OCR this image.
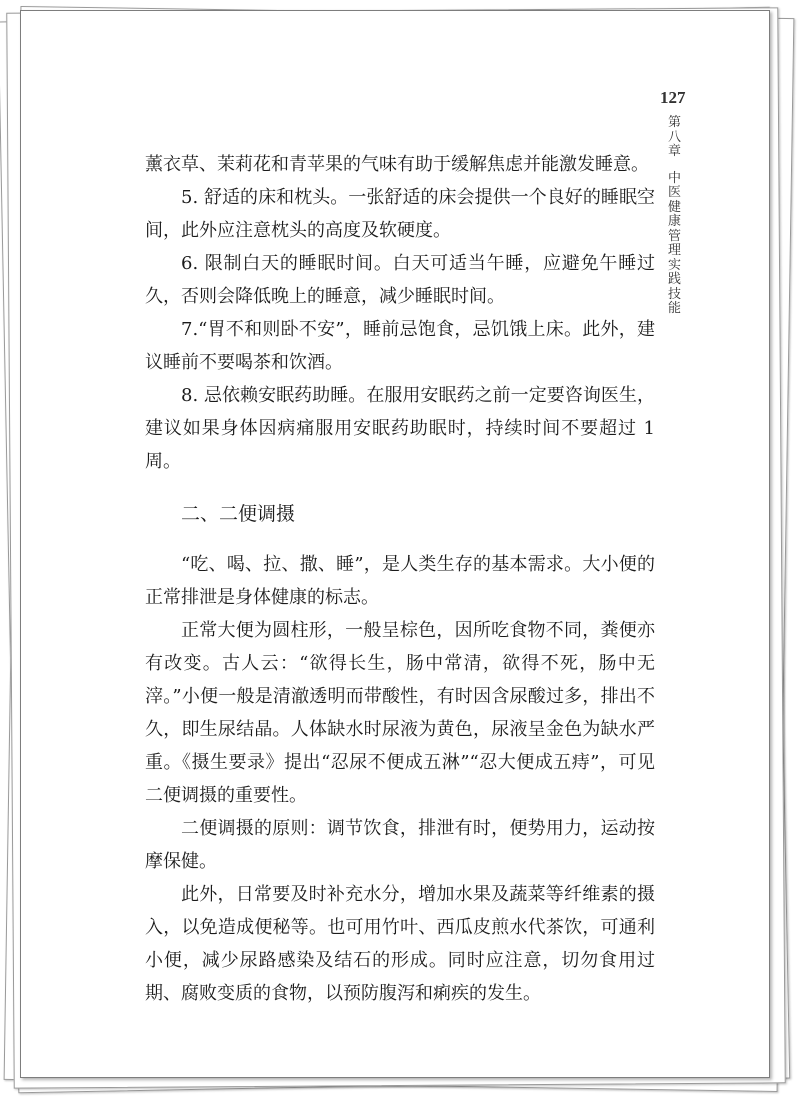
127
第八章
中医健康管理实践技能

薰衣草、茉莉花和青苹果的气味有助于缓解焦虑并能激发睡意。

5. 舒适的床和枕头。一张舒适的床会提供一个良好的睡眠空间，此外应注意枕头的高度及软硬度。

6. 限制白天的睡眠时间。白天可适当午睡，应避免午睡过久，否则会降低晚上的睡意，减少睡眠时间。

7.“胃不和则卧不安”，睡前忌饱食，忌饥饿上床。此外，建议睡前不要喝茶和饮酒。

8. 忌依赖安眠药助睡。在服用安眠药之前一定要咨询医生，建议如果身体因病痛服用安眠药助眠时，持续时间不要超过 1 周。

二、二便调摄

“吃、喝、拉、撒、睡”，是人类生存的基本需求。大小便的正常排泄是身体健康的标志。

正常大便为圆柱形，一般呈棕色，因所吃食物不同，粪便亦有改变。古人云：“欲得长生，肠中常清，欲得不死，肠中无滓。”小便一般是清澈透明而带酸性，有时因含尿酸过多，排出不久，即生尿结晶。人体缺水时尿液为黄色，尿液呈金色为缺水严重。《摄生要录》提出“忍尿不便成五淋”“忍大便成五痔”，可见二便调摄的重要性。

二便调摄的原则：调节饮食，排泄有时，便势用力，运动按摩保健。

此外，日常要及时补充水分，增加水果及蔬菜等纤维素的摄入，以免造成便秘等。也可用竹叶、西瓜皮煎水代茶饮，可通利小便，减少尿路感染及结石的形成。同时应注意，切勿食用过期、腐败变质的食物，以预防腹泻和痢疾的发生。
